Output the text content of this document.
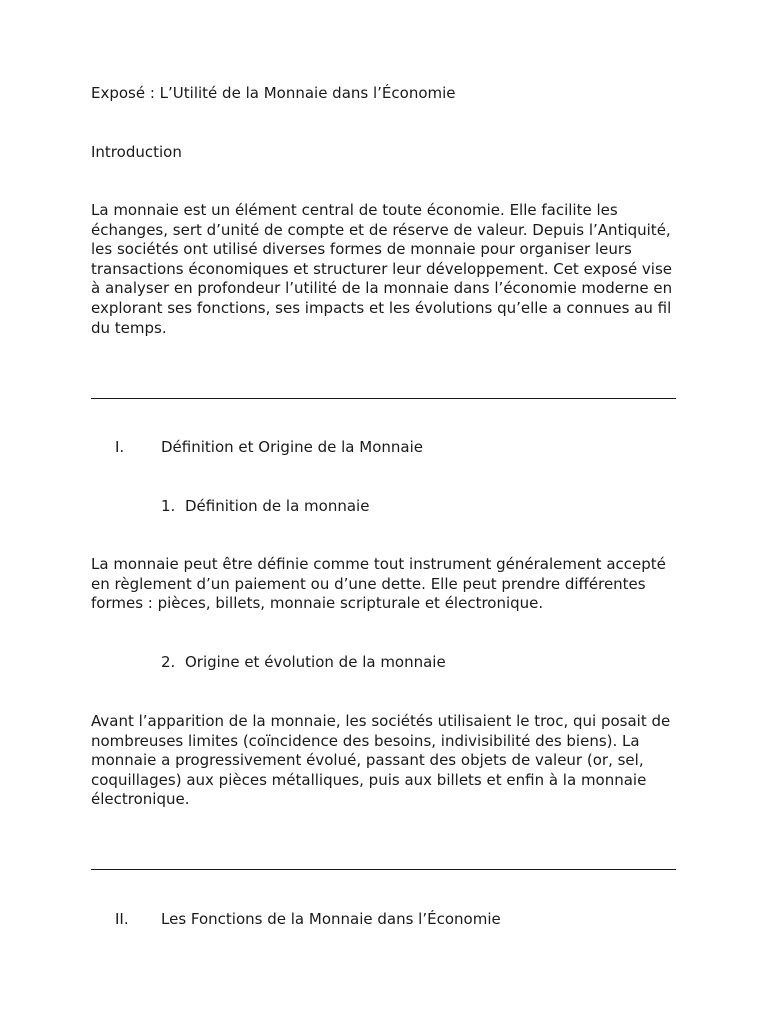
Exposé : L’Utilité de la Monnaie dans l’Économie

Introduction

La monnaie est un élément central de toute économie. Elle facilite les échanges, sert d’unité de compte et de réserve de valeur. Depuis l’Antiquité, les sociétés ont utilisé diverses formes de monnaie pour organiser leurs transactions économiques et structurer leur développement. Cet exposé vise à analyser en profondeur l’utilité de la monnaie dans l’économie moderne en explorant ses fonctions, ses impacts et les évolutions qu’elle a connues au fil du temps.

I. Définition et Origine de la Monnaie
1. Définition de la monnaie

La monnaie peut être définie comme tout instrument généralement accepté en règlement d’un paiement ou d’une dette. Elle peut prendre différentes formes : pièces, billets, monnaie scripturale et électronique.

2. Origine et évolution de la monnaie

Avant l’apparition de la monnaie, les sociétés utilisaient le troc, qui posait de nombreuses limites (coïncidence des besoins, indivisibilité des biens). La monnaie a progressivement évolué, passant des objets de valeur (or, sel, coquillages) aux pièces métalliques, puis aux billets et enfin à la monnaie électronique.

II. Les Fonctions de la Monnaie dans l’Économie
